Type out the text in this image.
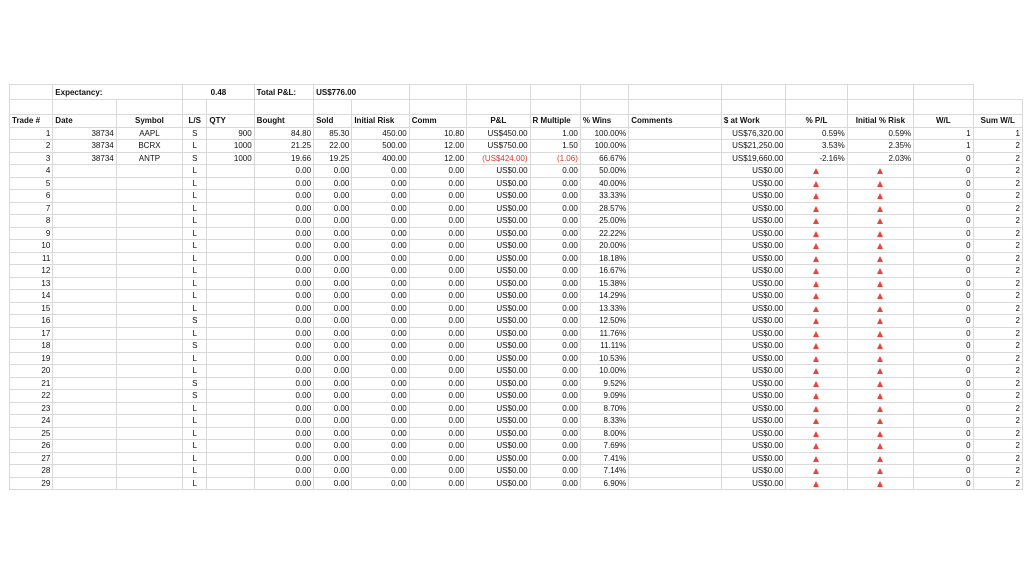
	Expectancy:		0.48		Total P&L:	US$776.00											

Trade #	Date	Symbol	L/S	QTY	Bought	Sold	Initial Risk	Comm	P&L	R Multiple	% Wins	Comments	$ at Work	% P/L	Initial % Risk	W/L	Sum W/L
1	38734	AAPL	S	900	84.80	85.30	450.00	10.80	US$450.00	1.00	100.00%		US$76,320.00	0.59%	0.59%	1	1
2	38734	BCRX	L	1000	21.25	22.00	500.00	12.00	US$750.00	1.50	100.00%		US$21,250.00	3.53%	2.35%	1	2
3	38734	ANTP	S	1000	19.66	19.25	400.00	12.00	(US$424.00)	(1.06)	66.67%		US$19,660.00	-2.16%	2.03%	0	2
4			L		0.00	0.00	0.00	0.00	US$0.00	0.00	50.00%		US$0.00			0	2
5			L		0.00	0.00	0.00	0.00	US$0.00	0.00	40.00%		US$0.00			0	2
6			L		0.00	0.00	0.00	0.00	US$0.00	0.00	33.33%		US$0.00			0	2
7			L		0.00	0.00	0.00	0.00	US$0.00	0.00	28.57%		US$0.00			0	2
8			L		0.00	0.00	0.00	0.00	US$0.00	0.00	25.00%		US$0.00			0	2
9			L		0.00	0.00	0.00	0.00	US$0.00	0.00	22.22%		US$0.00			0	2
10			L		0.00	0.00	0.00	0.00	US$0.00	0.00	20.00%		US$0.00			0	2
11			L		0.00	0.00	0.00	0.00	US$0.00	0.00	18.18%		US$0.00			0	2
12			L		0.00	0.00	0.00	0.00	US$0.00	0.00	16.67%		US$0.00			0	2
13			L		0.00	0.00	0.00	0.00	US$0.00	0.00	15.38%		US$0.00			0	2
14			L		0.00	0.00	0.00	0.00	US$0.00	0.00	14.29%		US$0.00			0	2
15			L		0.00	0.00	0.00	0.00	US$0.00	0.00	13.33%		US$0.00			0	2
16			S		0.00	0.00	0.00	0.00	US$0.00	0.00	12.50%		US$0.00			0	2
17			L		0.00	0.00	0.00	0.00	US$0.00	0.00	11.76%		US$0.00			0	2
18			S		0.00	0.00	0.00	0.00	US$0.00	0.00	11.11%		US$0.00			0	2
19			L		0.00	0.00	0.00	0.00	US$0.00	0.00	10.53%		US$0.00			0	2
20			L		0.00	0.00	0.00	0.00	US$0.00	0.00	10.00%		US$0.00			0	2
21			S		0.00	0.00	0.00	0.00	US$0.00	0.00	9.52%		US$0.00			0	2
22			S		0.00	0.00	0.00	0.00	US$0.00	0.00	9.09%		US$0.00			0	2
23			L		0.00	0.00	0.00	0.00	US$0.00	0.00	8.70%		US$0.00			0	2
24			L		0.00	0.00	0.00	0.00	US$0.00	0.00	8.33%		US$0.00			0	2
25			L		0.00	0.00	0.00	0.00	US$0.00	0.00	8.00%		US$0.00			0	2
26			L		0.00	0.00	0.00	0.00	US$0.00	0.00	7.69%		US$0.00			0	2
27			L		0.00	0.00	0.00	0.00	US$0.00	0.00	7.41%		US$0.00			0	2
28			L		0.00	0.00	0.00	0.00	US$0.00	0.00	7.14%		US$0.00			0	2
29			L		0.00	0.00	0.00	0.00	US$0.00	0.00	6.90%		US$0.00			0	2
